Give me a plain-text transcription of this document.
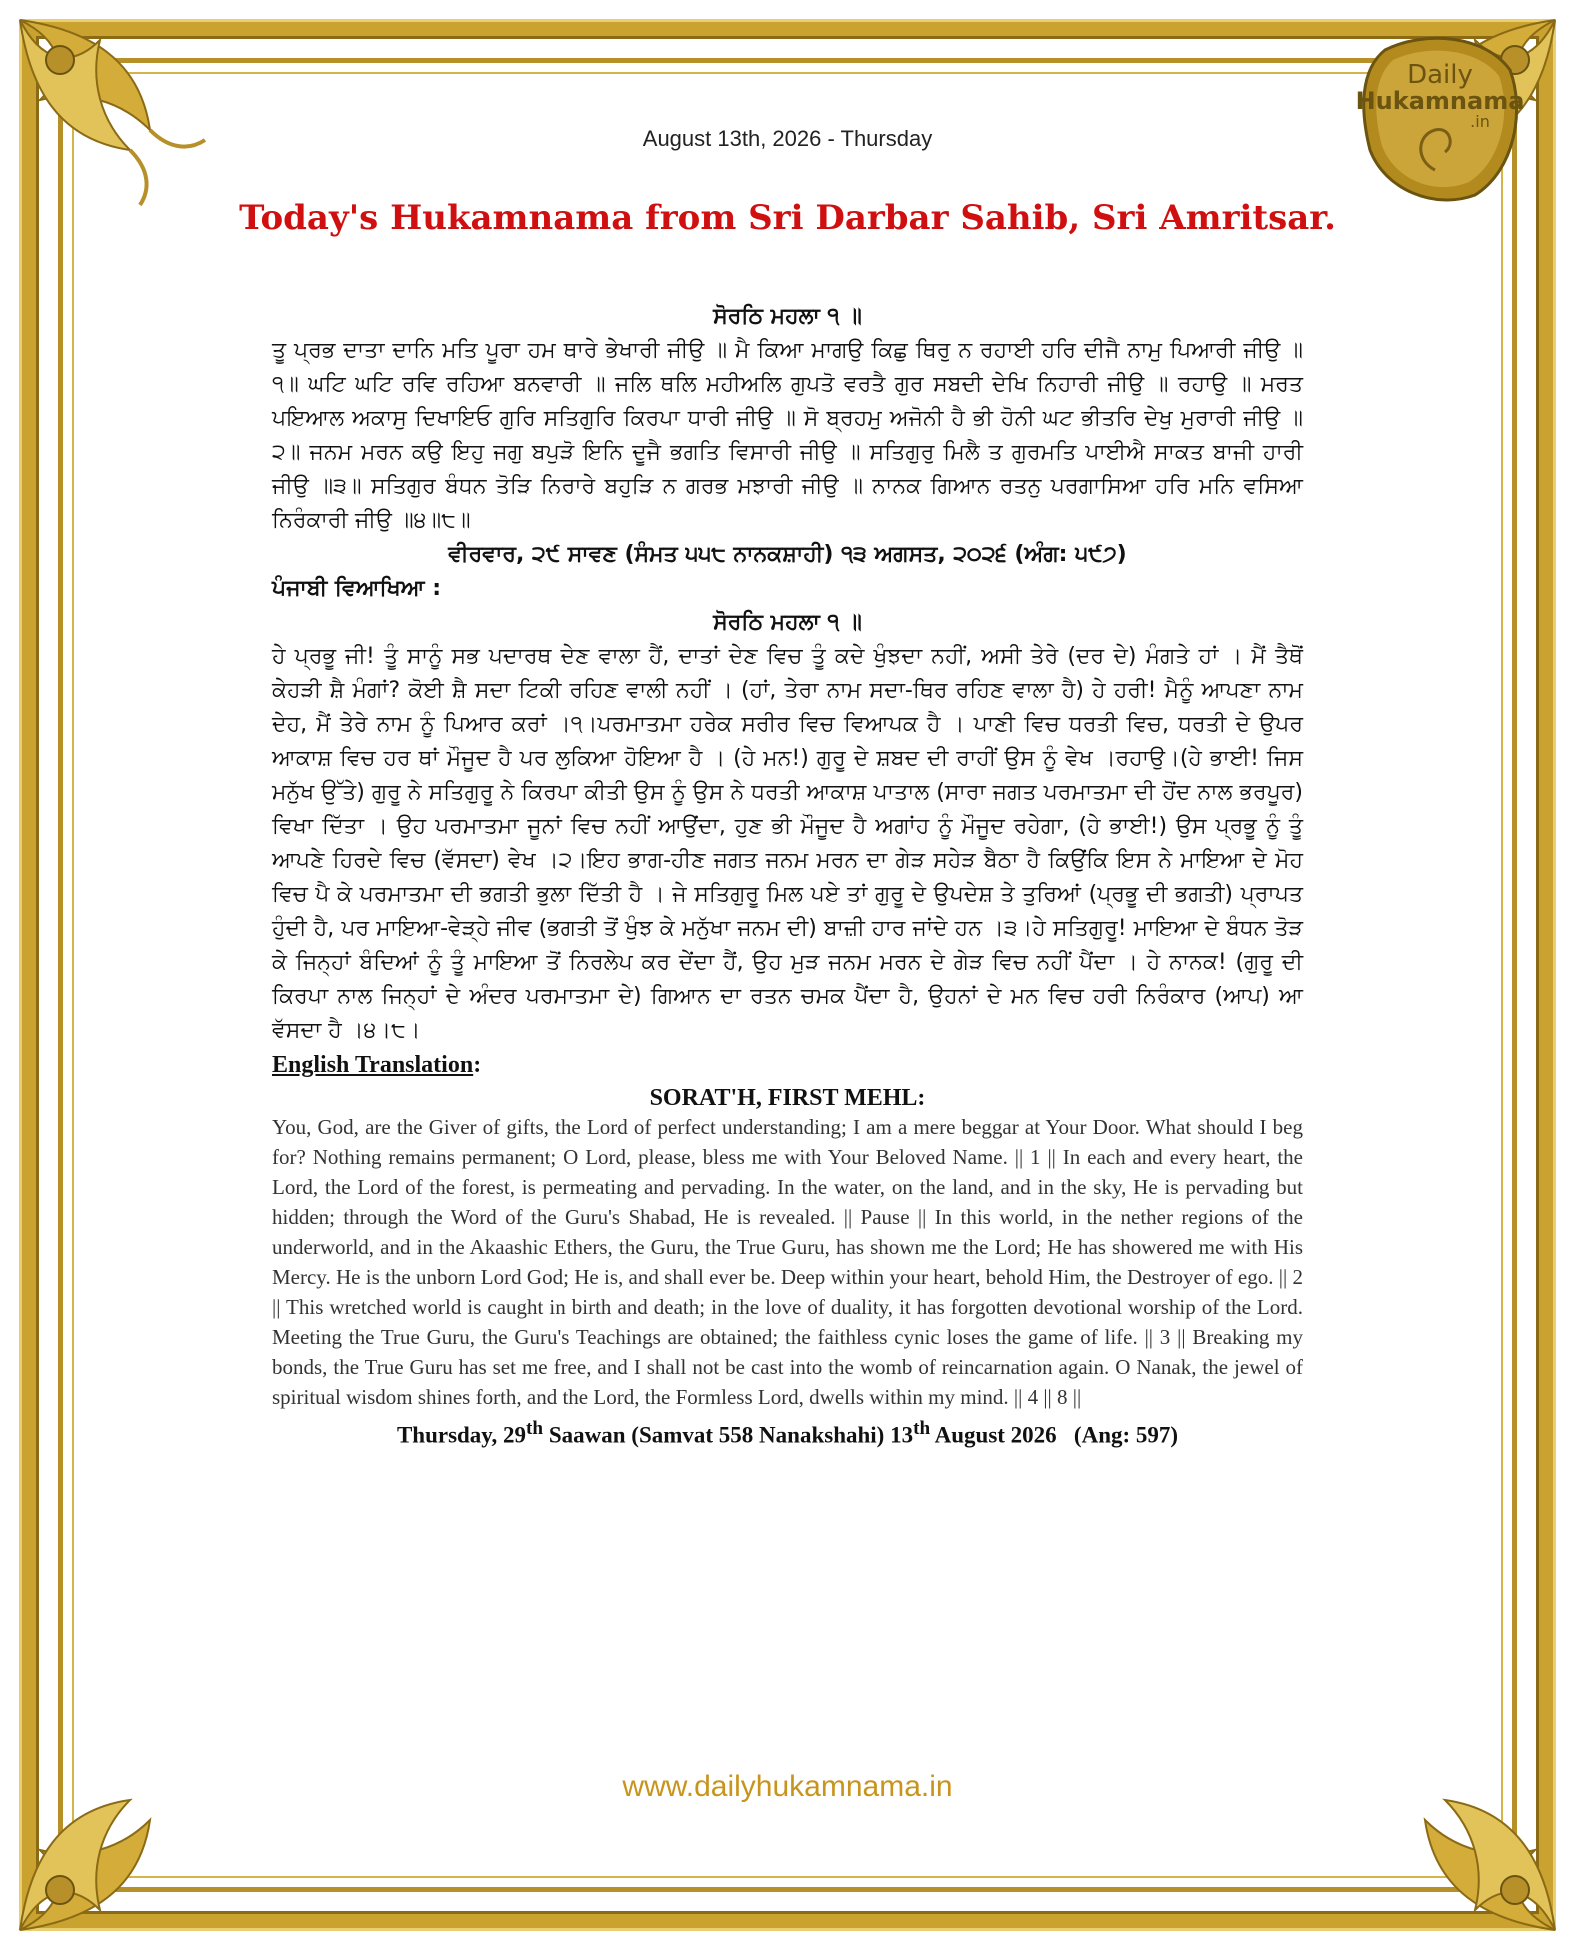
Daily
Hukamnama
.in
August 13th, 2026 - Thursday
Today's Hukamnama from Sri Darbar Sahib, Sri Amritsar.
ਸੋਰਠਿ ਮਹਲਾ ੧ ॥
ਤੂ ਪ੍ਰਭ ਦਾਤਾ ਦਾਨਿ ਮਤਿ ਪੂਰਾ ਹਮ ਥਾਰੇ ਭੇਖਾਰੀ ਜੀਉ ॥ ਮੈ ਕਿਆ ਮਾਗਉ ਕਿਛੁ ਥਿਰੁ ਨ ਰਹਾਈ ਹਰਿ ਦੀਜੈ ਨਾਮੁ ਪਿਆਰੀ ਜੀਉ ॥੧॥ ਘਟਿ ਘਟਿ ਰਵਿ ਰਹਿਆ ਬਨਵਾਰੀ ॥ ਜਲਿ ਥਲਿ ਮਹੀਅਲਿ ਗੁਪਤੋ ਵਰਤੈ ਗੁਰ ਸਬਦੀ ਦੇਖਿ ਨਿਹਾਰੀ ਜੀਉ ॥ ਰਹਾਉ ॥ ਮਰਤ ਪਇਆਲ ਅਕਾਸੁ ਦਿਖਾਇਓ ਗੁਰਿ ਸਤਿਗੁਰਿ ਕਿਰਪਾ ਧਾਰੀ ਜੀਉ ॥ ਸੋ ਬ੍ਰਹਮੁ ਅਜੋਨੀ ਹੈ ਭੀ ਹੋਨੀ ਘਟ ਭੀਤਰਿ ਦੇਖੁ ਮੁਰਾਰੀ ਜੀਉ ॥੨॥ ਜਨਮ ਮਰਨ ਕਉ ਇਹੁ ਜਗੁ ਬਪੁੜੋ ਇਨਿ ਦੂਜੈ ਭਗਤਿ ਵਿਸਾਰੀ ਜੀਉ ॥ ਸਤਿਗੁਰੁ ਮਿਲੈ ਤ ਗੁਰਮਤਿ ਪਾਈਐ ਸਾਕਤ ਬਾਜੀ ਹਾਰੀ ਜੀਉ ॥੩॥ ਸਤਿਗੁਰ ਬੰਧਨ ਤੋੜਿ ਨਿਰਾਰੇ ਬਹੁੜਿ ਨ ਗਰਭ ਮਝਾਰੀ ਜੀਉ ॥ ਨਾਨਕ ਗਿਆਨ ਰਤਨੁ ਪਰਗਾਸਿਆ ਹਰਿ ਮਨਿ ਵਸਿਆ ਨਿਰੰਕਾਰੀ ਜੀਉ ॥੪॥੮॥
ਵੀਰਵਾਰ, ੨੯ ਸਾਵਣ (ਸੰਮਤ ੫੫੮ ਨਾਨਕਸ਼ਾਹੀ) ੧੩ ਅਗਸਤ, ੨੦੨੬ (ਅੰਗ: ੫੯੭)
ਪੰਜਾਬੀ ਵਿਆਖਿਆ :
ਸੋਰਠਿ ਮਹਲਾ ੧ ॥
ਹੇ ਪ੍ਰਭੂ ਜੀ! ਤੂੰ ਸਾਨੂੰ ਸਭ ਪਦਾਰਥ ਦੇਣ ਵਾਲਾ ਹੈਂ, ਦਾਤਾਂ ਦੇਣ ਵਿਚ ਤੂੰ ਕਦੇ ਖੁੰਝਦਾ ਨਹੀਂ, ਅਸੀ ਤੇਰੇ (ਦਰ ਦੇ) ਮੰਗਤੇ ਹਾਂ । ਮੈਂ ਤੈਥੋਂ ਕੇਹੜੀ ਸ਼ੈ ਮੰਗਾਂ? ਕੋਈ ਸ਼ੈ ਸਦਾ ਟਿਕੀ ਰਹਿਣ ਵਾਲੀ ਨਹੀਂ । (ਹਾਂ, ਤੇਰਾ ਨਾਮ ਸਦਾ-ਥਿਰ ਰਹਿਣ ਵਾਲਾ ਹੈ) ਹੇ ਹਰੀ! ਮੈਨੂੰ ਆਪਣਾ ਨਾਮ ਦੇਹ, ਮੈਂ ਤੇਰੇ ਨਾਮ ਨੂੰ ਪਿਆਰ ਕਰਾਂ ।੧।ਪਰਮਾਤਮਾ ਹਰੇਕ ਸਰੀਰ ਵਿਚ ਵਿਆਪਕ ਹੈ । ਪਾਣੀ ਵਿਚ ਧਰਤੀ ਵਿਚ, ਧਰਤੀ ਦੇ ਉਪਰ ਆਕਾਸ਼ ਵਿਚ ਹਰ ਥਾਂ ਮੌਜੂਦ ਹੈ ਪਰ ਲੁਕਿਆ ਹੋਇਆ ਹੈ । (ਹੇ ਮਨ!) ਗੁਰੂ ਦੇ ਸ਼ਬਦ ਦੀ ਰਾਹੀਂ ਉਸ ਨੂੰ ਵੇਖ ।ਰਹਾਉ।(ਹੇ ਭਾਈ! ਜਿਸ ਮਨੁੱਖ ਉੱਤੇ) ਗੁਰੂ ਨੇ ਸਤਿਗੁਰੂ ਨੇ ਕਿਰਪਾ ਕੀਤੀ ਉਸ ਨੂੰ ਉਸ ਨੇ ਧਰਤੀ ਆਕਾਸ਼ ਪਾਤਾਲ (ਸਾਰਾ ਜਗਤ ਪਰਮਾਤਮਾ ਦੀ ਹੋਂਦ ਨਾਲ ਭਰਪੂਰ) ਵਿਖਾ ਦਿੱਤਾ । ਉਹ ਪਰਮਾਤਮਾ ਜੂਨਾਂ ਵਿਚ ਨਹੀਂ ਆਉਂਦਾ, ਹੁਣ ਭੀ ਮੌਜੂਦ ਹੈ ਅਗਾਂਹ ਨੂੰ ਮੌਜੂਦ ਰਹੇਗਾ, (ਹੇ ਭਾਈ!) ਉਸ ਪ੍ਰਭੂ ਨੂੰ ਤੂੰ ਆਪਣੇ ਹਿਰਦੇ ਵਿਚ (ਵੱਸਦਾ) ਵੇਖ ।੨।ਇਹ ਭਾਗ-ਹੀਣ ਜਗਤ ਜਨਮ ਮਰਨ ਦਾ ਗੇੜ ਸਹੇੜ ਬੈਠਾ ਹੈ ਕਿਉਂਕਿ ਇਸ ਨੇ ਮਾਇਆ ਦੇ ਮੋਹ ਵਿਚ ਪੈ ਕੇ ਪਰਮਾਤਮਾ ਦੀ ਭਗਤੀ ਭੁਲਾ ਦਿੱਤੀ ਹੈ । ਜੇ ਸਤਿਗੁਰੂ ਮਿਲ ਪਏ ਤਾਂ ਗੁਰੂ ਦੇ ਉਪਦੇਸ਼ ਤੇ ਤੁਰਿਆਂ (ਪ੍ਰਭੂ ਦੀ ਭਗਤੀ) ਪ੍ਰਾਪਤ ਹੁੰਦੀ ਹੈ, ਪਰ ਮਾਇਆ-ਵੇੜ੍ਹੇ ਜੀਵ (ਭਗਤੀ ਤੋਂ ਖੁੰਝ ਕੇ ਮਨੁੱਖਾ ਜਨਮ ਦੀ) ਬਾਜ਼ੀ ਹਾਰ ਜਾਂਦੇ ਹਨ ।੩।ਹੇ ਸਤਿਗੁਰੂ! ਮਾਇਆ ਦੇ ਬੰਧਨ ਤੋੜ ਕੇ ਜਿਨ੍ਹਾਂ ਬੰਦਿਆਂ ਨੂੰ ਤੂੰ ਮਾਇਆ ਤੋਂ ਨਿਰਲੇਪ ਕਰ ਦੇਂਦਾ ਹੈਂ, ਉਹ ਮੁੜ ਜਨਮ ਮਰਨ ਦੇ ਗੇੜ ਵਿਚ ਨਹੀਂ ਪੈਂਦਾ । ਹੇ ਨਾਨਕ! (ਗੁਰੂ ਦੀ ਕਿਰਪਾ ਨਾਲ ਜਿਨ੍ਹਾਂ ਦੇ ਅੰਦਰ ਪਰਮਾਤਮਾ ਦੇ) ਗਿਆਨ ਦਾ ਰਤਨ ਚਮਕ ਪੈਂਦਾ ਹੈ, ਉਹਨਾਂ ਦੇ ਮਨ ਵਿਚ ਹਰੀ ਨਿਰੰਕਾਰ (ਆਪ) ਆ ਵੱਸਦਾ ਹੈ ।੪।੮।
English Translation:
SORAT'H, FIRST MEHL:
You, God, are the Giver of gifts, the Lord of perfect understanding; I am a mere beggar at Your Door. What should I beg for? Nothing remains permanent; O Lord, please, bless me with Your Beloved Name. || 1 || In each and every heart, the Lord, the Lord of the forest, is permeating and pervading. In the water, on the land, and in the sky, He is pervading but hidden; through the Word of the Guru's Shabad, He is revealed. || Pause || In this world, in the nether regions of the underworld, and in the Akaashic Ethers, the Guru, the True Guru, has shown me the Lord; He has showered me with His Mercy. He is the unborn Lord God; He is, and shall ever be. Deep within your heart, behold Him, the Destroyer of ego. || 2 || This wretched world is caught in birth and death; in the love of duality, it has forgotten devotional worship of the Lord. Meeting the True Guru, the Guru's Teachings are obtained; the faithless cynic loses the game of life. || 3 || Breaking my bonds, the True Guru has set me free, and I shall not be cast into the womb of reincarnation again. O Nanak, the jewel of spiritual wisdom shines forth, and the Lord, the Formless Lord, dwells within my mind. || 4 || 8 ||
Thursday, 29th Saawan (Samvat 558 Nanakshahi) 13th August 2026   (Ang: 597)
www.dailyhukamnama.in
